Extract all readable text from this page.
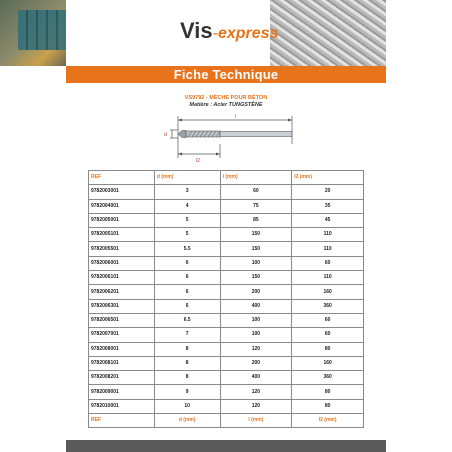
Vis-express
Fiche Technique
VS9792 - MÈCHE POUR BÉTON
Matière : Acier TUNGSTÈNE
l
d
l2
REF	d (mm)	l (mm)	l2 (mm)
9782003001	3	60	20
9782004001	4	75	35
9782005001	5	85	45
9782005101	5	150	110
9782005501	5.5	150	110
9782006001	6	100	60
9782006101	6	150	110
9782006201	6	200	160
9782006301	6	400	360
9782006501	6.5	100	60
9782007001	7	100	60
9782008001	8	120	80
9782008101	8	200	160
9782008201	8	400	360
9782009001	9	120	80
9782010001	10	120	80
REF	d (mm)	l (mm)	l2 (mm)
